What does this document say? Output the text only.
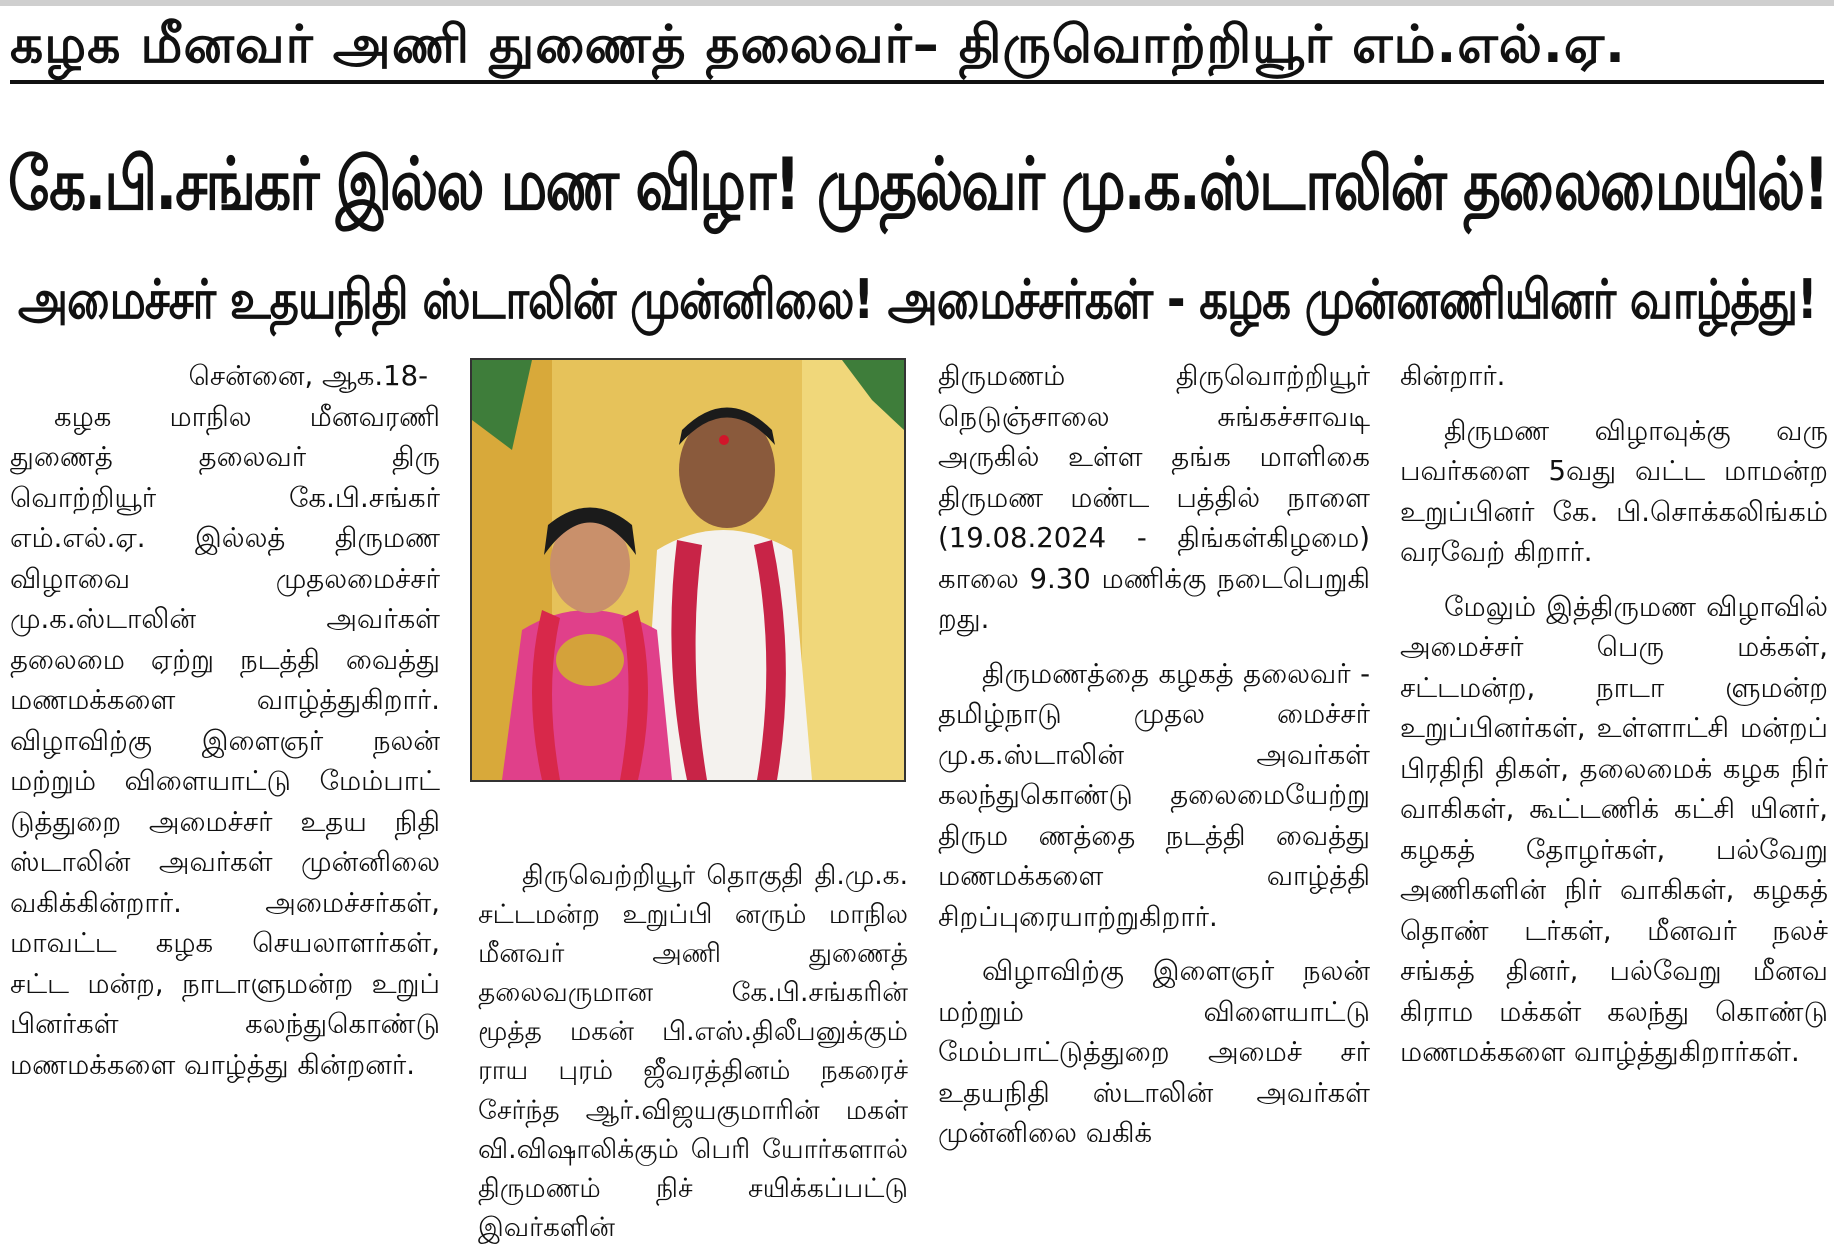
கழக மீனவர் அணி துணைத் தலைவர்– திருவொற்றியூர் எம்.எல்.ஏ.
கே.பி.சங்கர் இல்ல மண விழா! முதல்வர் மு.க.ஸ்டாலின் தலைமையில்!
அமைச்சர் உதயநிதி ஸ்டாலின் முன்னிலை! அமைச்சர்கள் - கழக முன்னணியினர் வாழ்த்து!

சென்னை, ஆக.18-

கழக மாநில மீனவரணி துணைத் தலைவர் திரு வொற்றியூர் கே.பி.சங்கர் எம்.எல்.ஏ. இல்லத் திருமண விழாவை முதலமைச்சர் மு.க.ஸ்டாலின் அவர்கள் தலைமை ஏற்று நடத்தி வைத்து மணமக்களை வாழ்த்துகிறார். விழாவிற்கு இளைஞர் நலன் மற்றும் விளையாட்டு மேம்பாட் டுத்துறை அமைச்சர் உதய நிதி ஸ்டாலின் அவர்கள் முன்னிலை வகிக்கின்றார். அமைச்சர்கள், மாவட்ட கழக செயலாளர்கள், சட்ட மன்ற, நாடாளுமன்ற உறுப் பினர்கள் கலந்துகொண்டு மணமக்களை வாழ்த்து கின்றனர்.

திருவெற்றியூர் தொகுதி தி.மு.க. சட்டமன்ற உறுப்பி னரும் மாநில மீனவர் அணி துணைத் தலைவருமான கே.பி.சங்கரின் மூத்த மகன் பி.எஸ்.திலீபனுக்கும் ராய புரம் ஜீவரத்தினம் நகரைச் சேர்ந்த ஆர்.விஜயகுமாரின் மகள் வி.விஷாலிக்கும் பெரி யோர்களால் திருமணம் நிச் சயிக்கப்பட்டு இவர்களின்

திருமணம் திருவொற்றியூர் நெடுஞ்சாலை சுங்கச்சாவடி அருகில் உள்ள தங்க மாளிகை திருமண மண்ட பத்தில் நாளை (19.08.2024 - திங்கள்கிழமை) காலை 9.30 மணிக்கு நடைபெறுகி றது.

திருமணத்தை கழகத் தலைவர் - தமிழ்நாடு முதல மைச்சர் மு.க.ஸ்டாலின் அவர்கள் கலந்துகொண்டு தலைமையேற்று திரும ணத்தை நடத்தி வைத்து மணமக்களை வாழ்த்தி சிறப்புரையாற்றுகிறார்.

விழாவிற்கு இளைஞர் நலன் மற்றும் விளையாட்டு மேம்பாட்டுத்துறை அமைச் சர் உதயநிதி ஸ்டாலின் அவர்கள் முன்னிலை வகிக்

கின்றார்.

திருமண விழாவுக்கு வரு பவர்களை 5வது வட்ட மாமன்ற உறுப்பினர் கே. பி.சொக்கலிங்கம் வரவேற் கிறார்.

மேலும் இத்திருமண விழாவில் அமைச்சர் பெரு மக்கள், சட்டமன்ற, நாடா ளுமன்ற உறுப்பினர்கள், உள்ளாட்சி மன்றப் பிரதிநி திகள், தலைமைக் கழக நிர் வாகிகள், கூட்டணிக் கட்சி யினர், கழகத் தோழர்கள், பல்வேறு அணிகளின் நிர் வாகிகள், கழகத் தொண் டர்கள், மீனவர் நலச் சங்கத் தினர், பல்வேறு மீனவ கிராம மக்கள் கலந்து கொண்டு மணமக்களை வாழ்த்துகிறார்கள்.
